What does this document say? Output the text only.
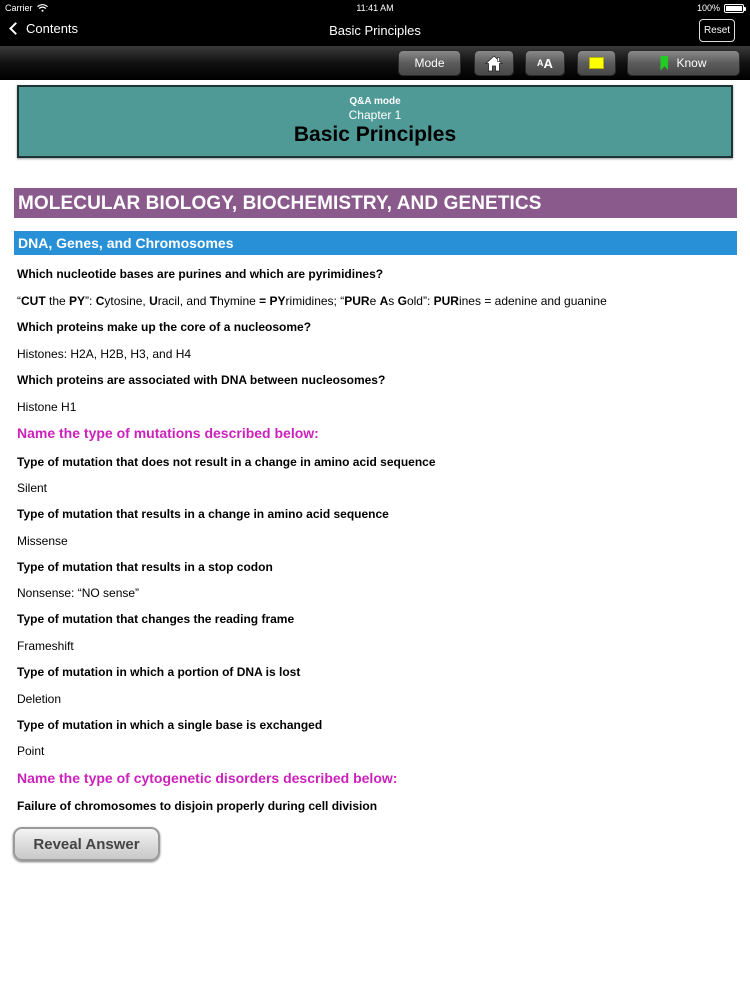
Carrier	11:41 AM	100%
Contents	Basic Principles	Reset
Mode	A A	Know
Q&A mode
Chapter 1
Basic Principles
MOLECULAR BIOLOGY, BIOCHEMISTRY, AND GENETICS
DNA, Genes, and Chromosomes
Which nucleotide bases are purines and which are pyrimidines?
“CUT the PY”: Cytosine, Uracil, and Thymine = PYrimidines; “PURe As Gold”: PURines = adenine and guanine
Which proteins make up the core of a nucleosome?
Histones: H2A, H2B, H3, and H4
Which proteins are associated with DNA between nucleosomes?
Histone H1
Name the type of mutations described below:
Type of mutation that does not result in a change in amino acid sequence
Silent
Type of mutation that results in a change in amino acid sequence
Missense
Type of mutation that results in a stop codon
Nonsense: “NO sense”
Type of mutation that changes the reading frame
Frameshift
Type of mutation in which a portion of DNA is lost
Deletion
Type of mutation in which a single base is exchanged
Point
Name the type of cytogenetic disorders described below:
Failure of chromosomes to disjoin properly during cell division
Reveal Answer
